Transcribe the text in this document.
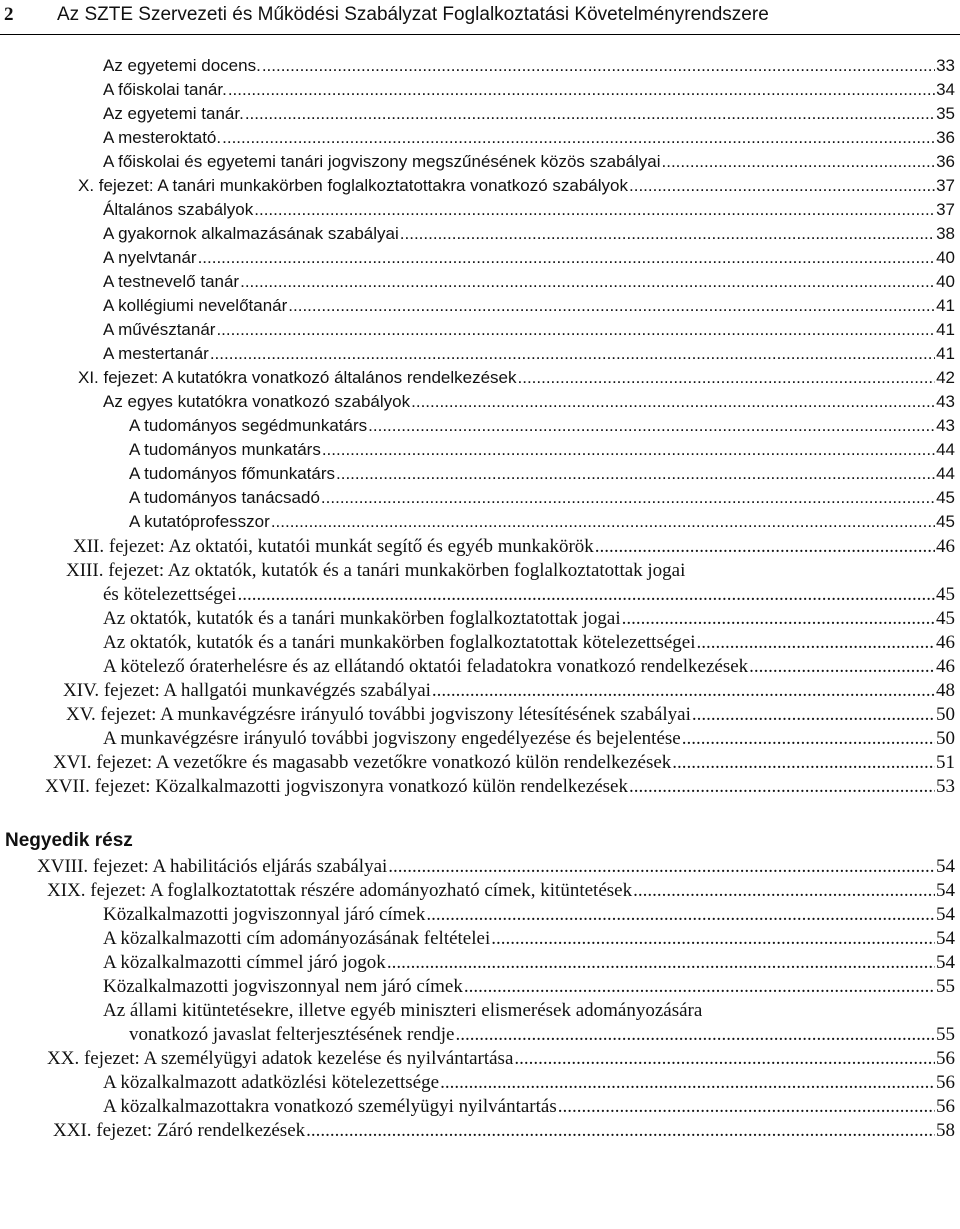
2 Az SZTE Szervezeti és Működési Szabályzat Foglalkoztatási Követelményrendszere
Az egyetemi docens. .....	33
A főiskolai tanár. .....	34
Az egyetemi tanár. .....	35
A mesteroktató. .....	36
A főiskolai és egyetemi tanári jogviszony megszűnésének közös szabályai .....	36
X. fejezet: A tanári munkakörben foglalkoztatottakra vonatkozó szabályok .....	37
Általános szabályok .....	37
A gyakornok alkalmazásának szabályai .....	38
A nyelvtanár .....	40
A testnevelő tanár .....	40
A kollégiumi nevelőtanár .....	41
A művésztanár .....	41
A mestertanár .....	41
XI. fejezet: A kutatókra vonatkozó általános rendelkezések .....	42
Az egyes kutatókra vonatkozó szabályok .....	43
A tudományos segédmunkatárs .....	43
A tudományos munkatárs .....	44
A tudományos főmunkatárs .....	44
A tudományos tanácsadó .....	45
A kutatóprofesszor .....	45
XII. fejezet: Az oktatói, kutatói munkát segítő és egyéb munkakörök .....	46
XIII. fejezet: Az oktatók, kutatók és a tanári munkakörben foglalkoztatottak jogai
és kötelezettségei .....	45
Az oktatók, kutatók és a tanári munkakörben foglalkoztatottak jogai .....	45
Az oktatók, kutatók és a tanári munkakörben foglalkoztatottak kötelezettségei .....	46
A kötelező óraterhelésre és az ellátandó oktatói feladatokra vonatkozó rendelkezések .....	46
XIV. fejezet: A hallgatói munkavégzés szabályai .....	48
XV. fejezet: A munkavégzésre irányuló további jogviszony létesítésének szabályai .....	50
A munkavégzésre irányuló további jogviszony engedélyezése és bejelentése .....	50
XVI. fejezet: A vezetőkre és magasabb vezetőkre vonatkozó külön rendelkezések .....	51
XVII. fejezet: Közalkalmazotti jogviszonyra vonatkozó külön rendelkezések .....	53
Negyedik rész
XVIII. fejezet: A habilitációs eljárás szabályai .....	54
XIX. fejezet: A foglalkoztatottak részére adományozható címek, kitüntetések .....	54
Közalkalmazotti jogviszonnyal járó címek .....	54
A közalkalmazotti cím adományozásának feltételei .....	54
A közalkalmazotti címmel járó jogok .....	54
Közalkalmazotti jogviszonnyal nem járó címek .....	55
Az állami kitüntetésekre, illetve egyéb miniszteri elismerések adományozására
vonatkozó javaslat felterjesztésének rendje .....	55
XX. fejezet: A személyügyi adatok kezelése és nyilvántartása .....	56
A közalkalmazott adatközlési kötelezettsége .....	56
A közalkalmazottakra vonatkozó személyügyi nyilvántartás .....	56
XXI. fejezet: Záró rendelkezések .....	58
